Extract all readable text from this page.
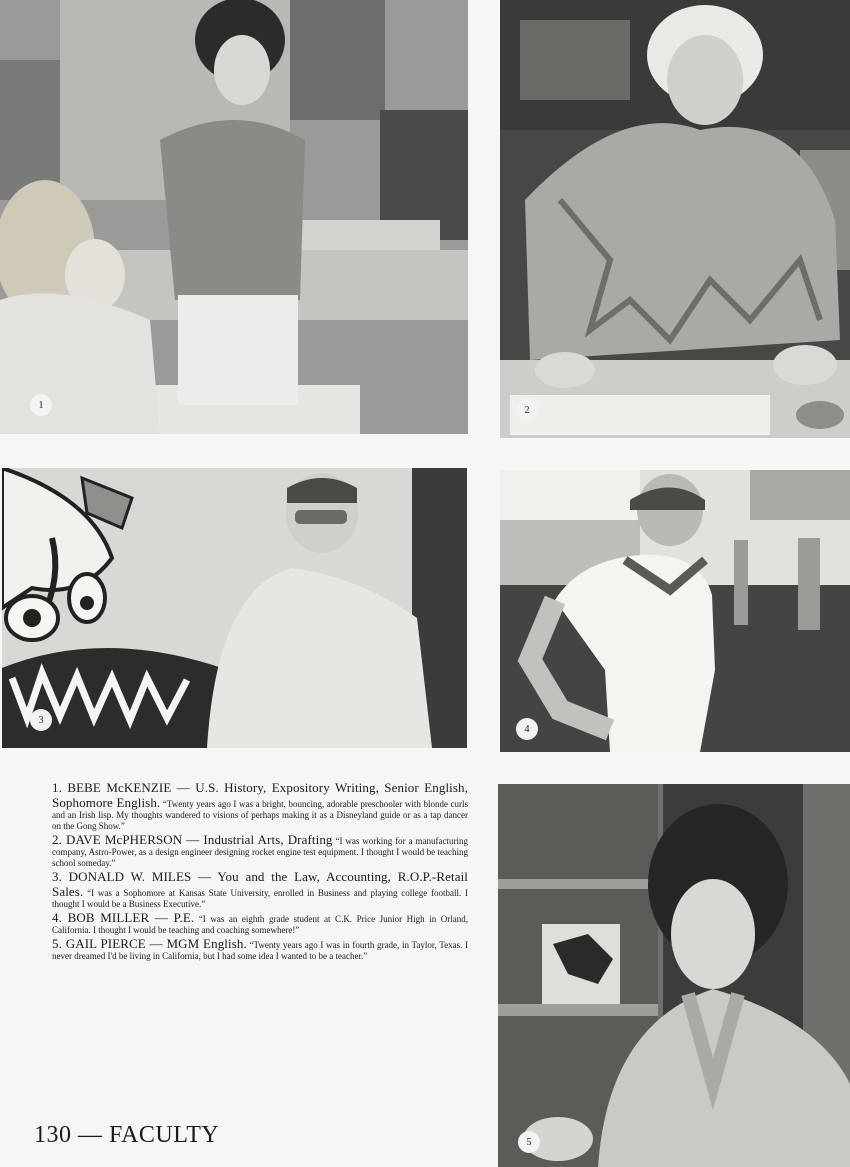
1	2
3
4

1. BEBE McKENZIE — U.S. History, Expository Writing, Senior English, Sophomore English. “Twenty years ago I was a bright, bouncing, adorable preschooler with blonde curls and an Irish lisp. My thoughts wandered to visions of perhaps making it as a Disneyland guide or as a tap dancer on the Gong Show.”

2. DAVE McPHERSON — Industrial Arts, Drafting “I was working for a manufacturing company, Astro-Power, as a design engineer designing rocket engine test equipment. I thought I would be teaching school someday.”

3. DONALD W. MILES — You and the Law, Accounting, R.O.P.-Retail Sales. “I was a Sophomore at Kansas State University, enrolled in Business and playing college football. I thought I would be a Business Executive.”

4. BOB MILLER — P.E. “I was an eighth grade student at C.K. Price Junior High in Orland, California. I thought I would be teaching and coaching somewhere!”

5. GAIL PIERCE — MGM English. “Twenty years ago I was in fourth grade, in Taylor, Texas. I never dreamed I'd be living in California, but I had some idea I wanted to be a teacher.”

5
130 — FACULTY
